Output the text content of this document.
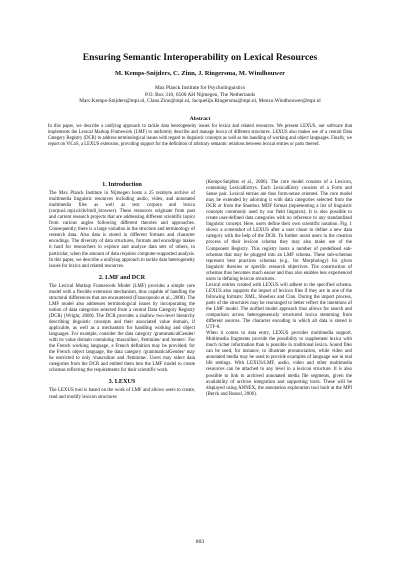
Ensuring Semantic Interoperability on Lexical Resources
M. Kemps-Snijders, C. Zinn, J. Ringersma, M. Windhouwer
Max Planck Institute for Psycholinguistics
P.O. Box 310, 6500 AH Nijmegen, The Netherlands
Marc.Kemps-Snijders@mpi.nl, Claus.Zinn@mpi.nl, Jacquelijn.Ringersma@mpi.nl, Menzo.Windhouwer@mpi.nl
Abstract
In this paper, we describe a unifying approach to tackle data heterogeneity issues for lexica and related resources. We present LEXUS, our software that implements the Lexical Markup Framework (LMF) to uniformly describe and manage lexica of different structures. LEXUS also makes use of a central Data Category Registry (DCR) to address terminological issues with regard to linguistic concepts as well as the handling of working and object languages. Finally, we report on ViCoS, a LEXUS extension, providing support for the definition of arbitrary semantic relations between lexical entries or parts thereof.
1. Introduction

The Max Planck Institute in Nijmegen hosts a 25 terabyte archive of multimedia linguistic resources including audio, video, and annotated multimedia files as well as text corpora and lexica (corpus1.mpi.nl/ds/imdi_browser). These resources originate from past and current research projects that are addressing different scientific topics from various angles following different theories and approaches. Consequently, there is a large variation in the structure and terminology of research data. Also data is stored in different formats and character encodings. The diversity of data structures, formats and encodings makes it hard for researchers to explore and analyze data sets of others, in particular, when the amount of data requires computer-supported analysis. In this paper, we describe a unifying approach to tackle data heterogeneity issues for lexica and related resources.

2. LMF and DCR

The Lexical Markup Framework Model (LMF) provides a simple core model with a flexible extension mechanism, thus capable of handling the structural differences that are encountered (Francopoulo et al., 2006). The LMF model also addresses terminological issues by incorporating the notion of data categories selected from a central Data Category Registry (DCR) (Wright, 2000). The DCR provides a shallow two-level hierarchy describing linguistic concepts and their associated value domain, if applicable, as well as a mechanism for handling working and object languages. For example, consider the data category /grammaticalGender/ with its value domain containing /masculine/, /feminine/ and /neuter/. For the French working language, a French definition may be provided; for the French object language, the data category /grammaticalGender/ may be restricted to only /masculine/ and /feminine/. Users may select data categories from the DCR and embed them into the LMF model to create schemas reflecting the requirements for their scientific work.

3. LEXUS

The LEXUS tool is based on the work of LMF and allows users to create, read and modify lexicon structures

(Kemps-Snijders et al., 2006). The core model consists of a Lexicon, containing LexicalEntrys. Each LexicalEntry consists of a Form and Sense pair. Lexical entries are thus form-sense oriented. The core model may be extended by adorning it with data categories selected from the DCR or from the Shoebox MDF format (representing a list of linguistic concepts commonly used by our field linguists). It is also possible to create user-defined data categories with no reference to any standardized linguistic concept. Here, users define their own scientific notation. Fig. 1 shows a screenshot of LEXUS after a user chose to define a new data category with the help of the DCR. To further assist users in the creation process of their lexicon schema they may also make use of the Component Registry. This registry hosts a number of predefined sub-schemas that may be plugged into an LMF schema. These sub-schemas represent best practices schemas (e.g., for Morphology) for given linguistic theories or specific research objectives. The construction of schemas thus becomes much easier and thus also enables less experienced users in defining lexicon structures.

Lexical entries created with LEXUS will adhere to the specified schema. LEXUS also supports the import of lexicon files if they are in one of the following formats: XML, Shoebox and Clan. During the import process, parts of the structures may be rearranged to better reflect the intentions of the LMF model. The unified model approach thus allows for search and comparison across heterogeneously structured lexica stemming from different sources. The character encoding in which all data is stored is UTF-8.

When it comes to data entry, LEXUS provides multimedia support. Multimedia fragments provide the possibility to supplement lexica with much richer information than is possible in traditional lexica. Sound files can be used, for instance, to illustrate pronunciation, while video and annotated media may be used to provide examples of language use in real life settings. With LEXUS/LMF, audio, video and other multimedia resources can be attached to any level in a lexicon structure. It is also possible to link to archived annotated media file segments, given the availability of archive integration and supporting tools. These will be displayed using ANNEX, the annotation exploration tool built at the MPI (Berck and Russel, 2006).

803
